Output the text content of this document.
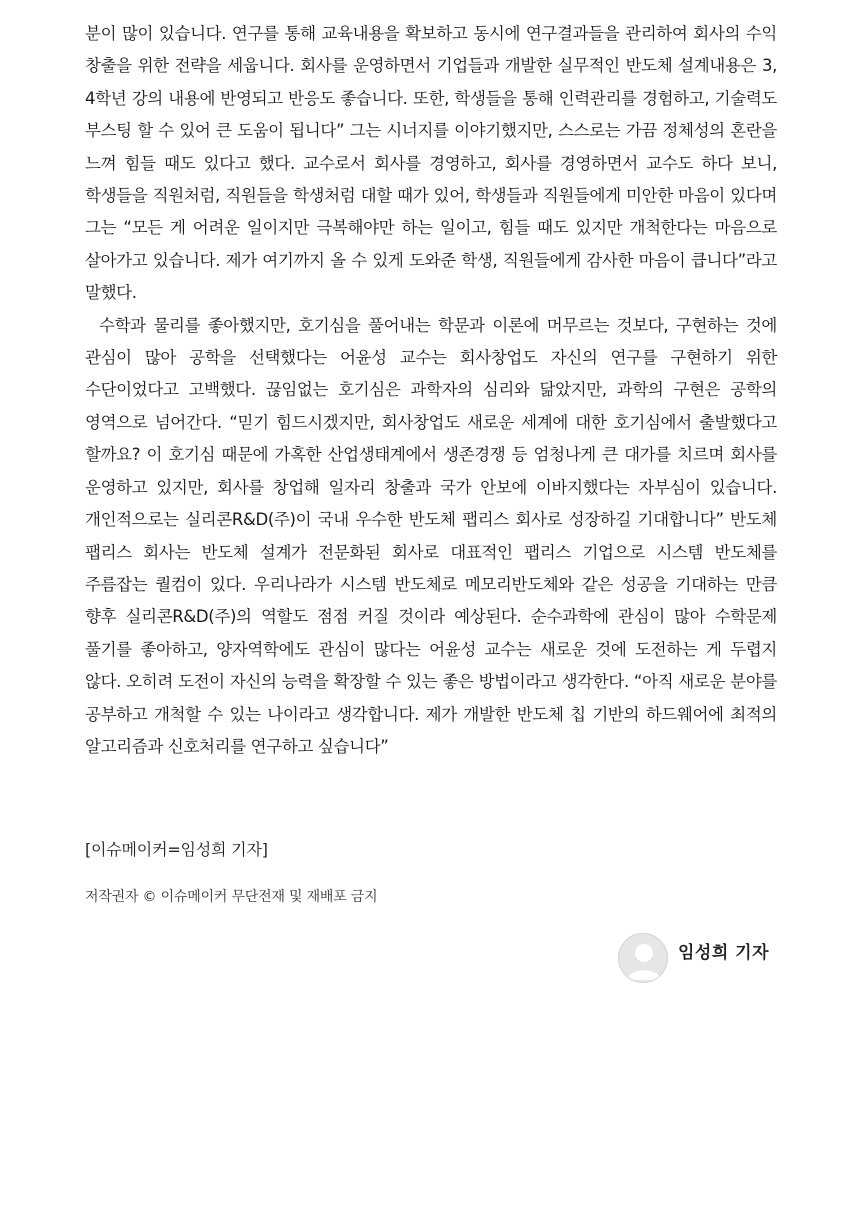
분이 많이 있습니다. 연구를 통해 교육내용을 확보하고 동시에 연구결과들을 관리하여 회사의 수익 창출을 위한 전략을 세웁니다. 회사를 운영하면서 기업들과 개발한 실무적인 반도체 설계내용은 3, 4학년 강의 내용에 반영되고 반응도 좋습니다. 또한, 학생들을 통해 인력관리를 경험하고, 기술력도 부스팅 할 수 있어 큰 도움이 됩니다” 그는 시너지를 이야기했지만, 스스로는 가끔 정체성의 혼란을 느껴 힘들 때도 있다고 했다. 교수로서 회사를 경영하고, 회사를 경영하면서 교수도 하다 보니, 학생들을 직원처럼, 직원들을 학생처럼 대할 때가 있어, 학생들과 직원들에게 미안한 마음이 있다며 그는 “모든 게 어려운 일이지만 극복해야만 하는 일이고, 힘들 때도 있지만 개척한다는 마음으로 살아가고 있습니다. 제가 여기까지 올 수 있게 도와준 학생, 직원들에게 감사한 마음이 큽니다”라고 말했다.

수학과 물리를 좋아했지만, 호기심을 풀어내는 학문과 이론에 머무르는 것보다, 구현하는 것에 관심이 많아 공학을 선택했다는 어윤성 교수는 회사창업도 자신의 연구를 구현하기 위한 수단이었다고 고백했다. 끊임없는 호기심은 과학자의 심리와 닮았지만, 과학의 구현은 공학의 영역으로 넘어간다. “믿기 힘드시겠지만, 회사창업도 새로운 세계에 대한 호기심에서 출발했다고 할까요? 이 호기심 때문에 가혹한 산업생태계에서 생존경쟁 등 엄청나게 큰 대가를 치르며 회사를 운영하고 있지만, 회사를 창업해 일자리 창출과 국가 안보에 이바지했다는 자부심이 있습니다. 개인적으로는 실리콘R&D(주)이 국내 우수한 반도체 팹리스 회사로 성장하길 기대합니다” 반도체 팹리스 회사는 반도체 설계가 전문화된 회사로 대표적인 팹리스 기업으로 시스템 반도체를 주름잡는 퀄컴이 있다. 우리나라가 시스템 반도체로 메모리반도체와 같은 성공을 기대하는 만큼 향후 실리콘R&D(주)의 역할도 점점 커질 것이라 예상된다. 순수과학에 관심이 많아 수학문제 풀기를 좋아하고, 양자역학에도 관심이 많다는 어윤성 교수는 새로운 것에 도전하는 게 두렵지 않다. 오히려 도전이 자신의 능력을 확장할 수 있는 좋은 방법이라고 생각한다. “아직 새로운 분야를 공부하고 개척할 수 있는 나이라고 생각합니다. 제가 개발한 반도체 칩 기반의 하드웨어에 최적의 알고리즘과 신호처리를 연구하고 싶습니다”

[이슈메이커=임성희 기자]
저작권자 © 이슈메이커 무단전재 및 재배포 금지
임성희 기자
